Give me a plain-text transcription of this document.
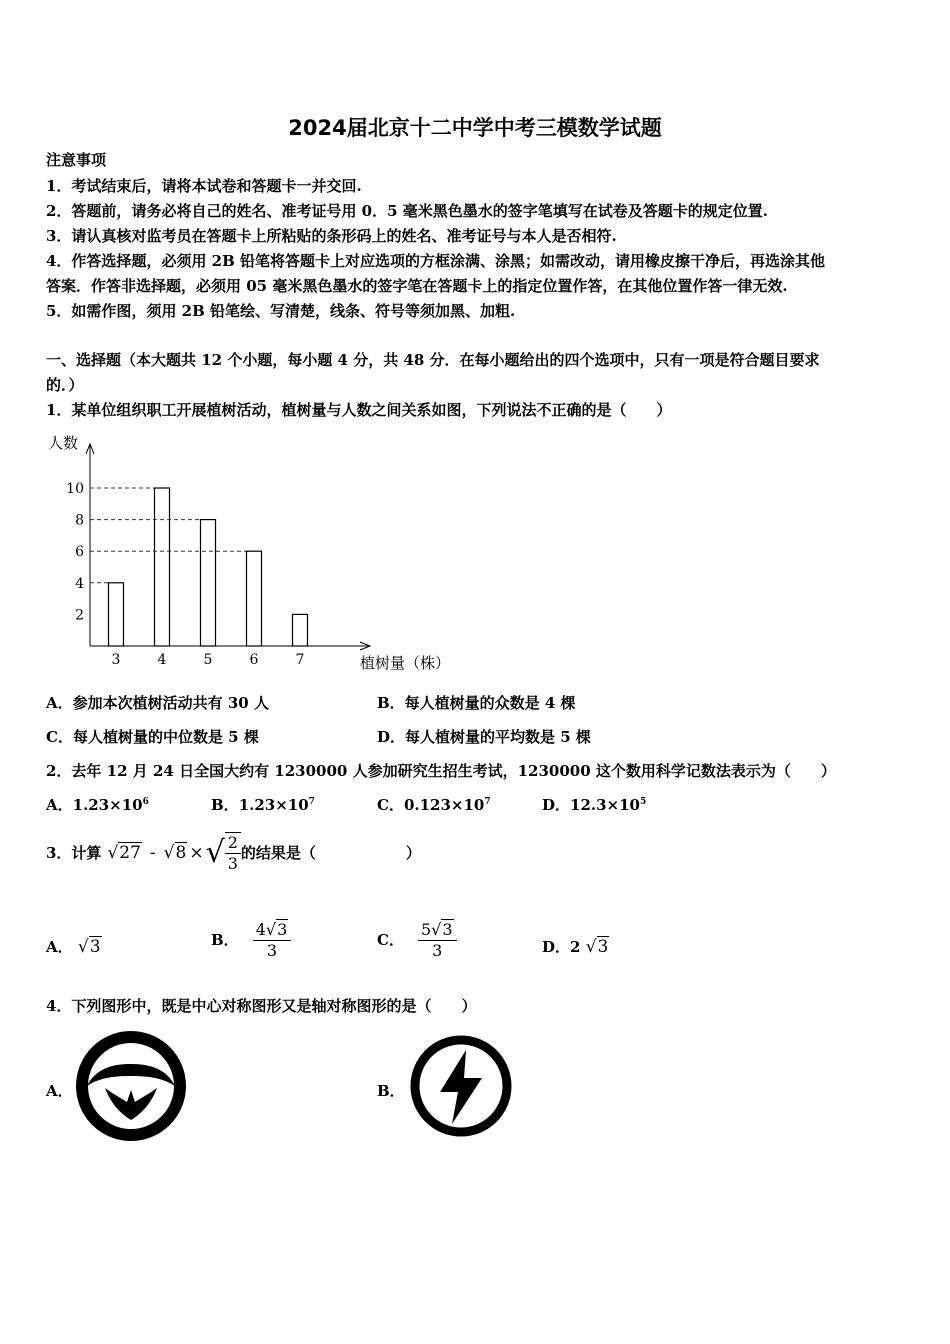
2024届北京十二中学中考三模数学试题
注意事项
1．考试结束后，请将本试卷和答题卡一并交回.
2．答题前，请务必将自己的姓名、准考证号用 0．5 毫米黑色墨水的签字笔填写在试卷及答题卡的规定位置.
3．请认真核对监考员在答题卡上所粘贴的条形码上的姓名、准考证号与本人是否相符.
4．作答选择题，必须用 2B 铅笔将答题卡上对应选项的方框涂满、涂黑；如需改动，请用橡皮擦干净后，再选涂其他
答案．作答非选择题，必须用 05 毫米黑色墨水的签字笔在答题卡上的指定位置作答，在其他位置作答一律无效.
5．如需作图，须用 2B 铅笔绘、写清楚，线条、符号等须加黑、加粗.
一、选择题（本大题共 12 个小题，每小题 4 分，共 48 分．在每小题给出的四个选项中，只有一项是符合题目要求
的．）
1．某单位组织职工开展植树活动，植树量与人数之间关系如图，下列说法不正确的是（　　）
人数
植树量（株）
2
4
6
8
10
3	4	5	6	7
A．参加本次植树活动共有 30 人	B．每人植树量的众数是 4 棵
C．每人植树量的中位数是 5 棵	D．每人植树量的平均数是 5 棵
2．去年 12 月 24 日全国大约有 1230000 人参加研究生招生考试，1230000 这个数用科学记数法表示为（　　）
A．$1.23\times 10^6$	B．$1.23\times 10^7$	C．$0.123\times 10^7$	D．$12.3\times 10^5$
3．计算 √27 - √8 × √ $\frac{2}{3}$ 的结果是（　　　　　　）
A． √3	B． $\frac{4√3}{3}$	C． $\frac{5√3}{3}$	D．2 √3
4．下列图形中，既是中心对称图形又是轴对称图形的是（　　）
A．	B．
